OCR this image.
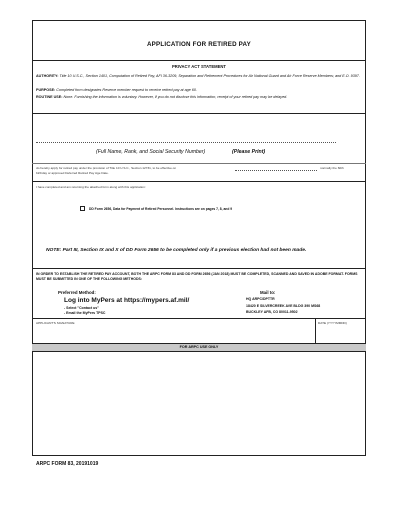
APPLICATION FOR RETIRED PAY
PRIVACY ACT STATEMENT
AUTHORITY: Title 10 U.S.C., Section 1401, Computation of Retired Pay, AFI 36-3209, Separation and Retirement Procedures for Air National Guard and Air Force Reserve Members; and E.O. 9397.
PURPOSE: Completed form designates Reserve member request to receive retired pay at age 60.
ROUTINE USE: None. Furnishing the information is voluntary. However, if you do not disclose this information, receipt of your retired pay may be delayed.
(Full Name, Rank, and Social Security Number)	(Please Print)
do hereby apply for retired pay under the provision of Title 10 U.S.C., Section 12731, to be effective on	normally the 60th
birthday or approved Deferred Retired Pay Age Date.
I have completed and am returning the attached form along with this application:
DD Form 2656, Data for Payment of Retired Personnel. Instructions are on pages 7, 8, and 9
NOTE: Part III, Section IX and X of DD Form 2656 to be completed only if a previous election had not been made.
IN ORDER TO ESTABLISH THE RETIRED PAY ACCOUNT, BOTH THE ARPC FORM 83 AND DD FORM 2656 (JAN 2018) MUST BE COMPLETED, SCANNED AND SAVED IN ADOBE FORMAT. FORMS MUST BE SUBMITTED IN ONE OF THE FOLLOWING METHODS:
Preferred Method:
Log into MyPers at https://mypers.af.mil/
- Select "Contact us"
- Email the MyPers TPSC
Mail to:
HQ ARPC/DPTTR
18420 E SILVERCREEK AVE BLDG 390 MS68
BUCKLEY AFB, CO 80011-9502
APPLICANT'S SIGNATURE	DATE (YYYYMMDD)
FOR ARPC USE ONLY
ARPC FORM 83, 20191019
